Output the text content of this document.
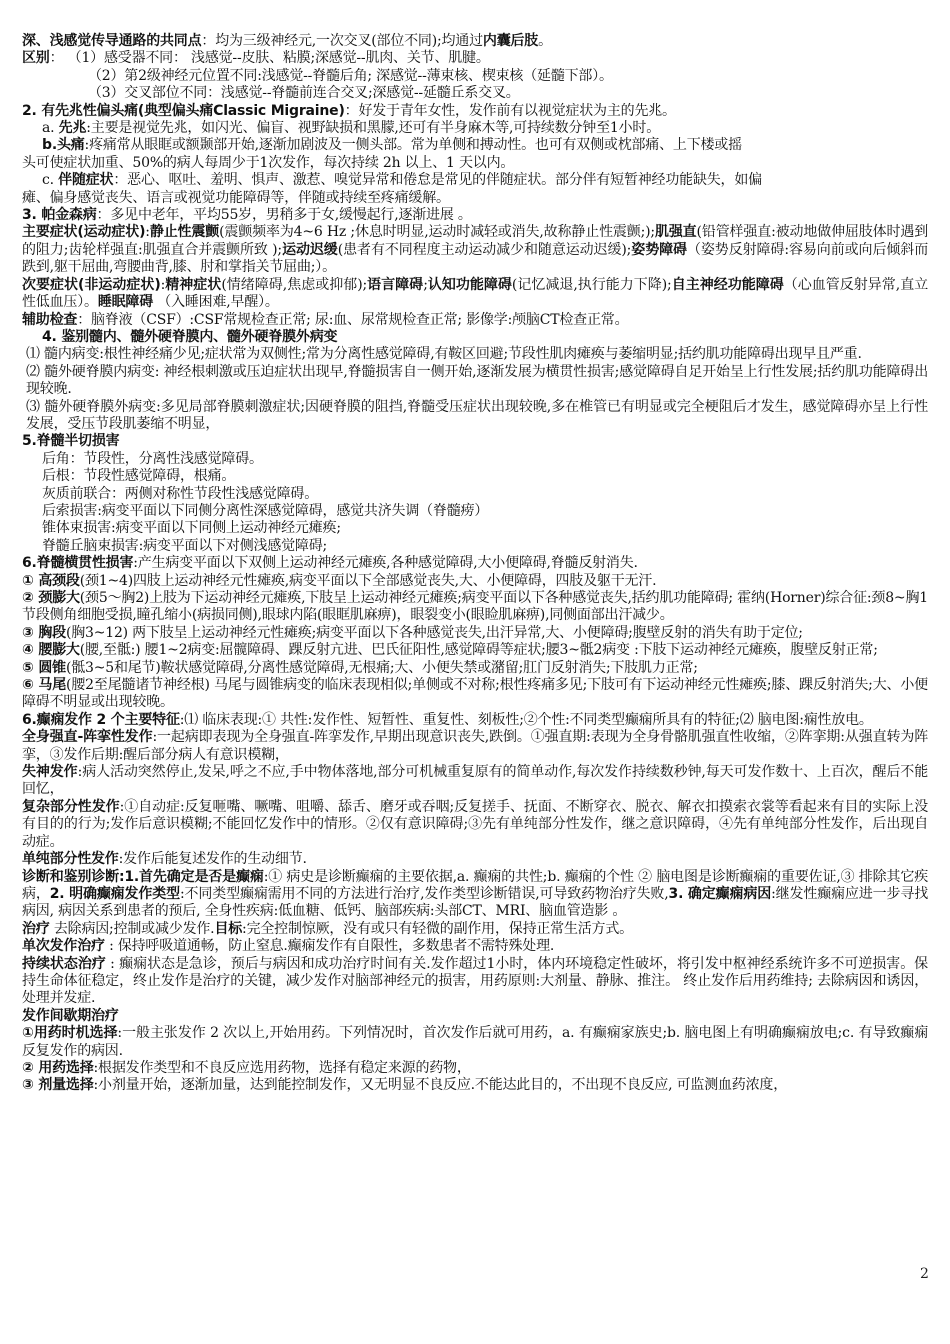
深、浅感觉传导通路的共同点：均为三级神经元,一次交叉(部位不同);均通过内囊后肢。

区别： （1）感受器不同： 浅感觉--皮肤、粘膜;深感觉--肌肉、关节、肌腱。

（2）第2级神经元位置不同:浅感觉--脊髓后角; 深感觉--薄束核、楔束核（延髓下部）。

（3）交叉部位不同：浅感觉--脊髓前连合交叉;深感觉--延髓丘系交叉。

2. 有先兆性偏头痛(典型偏头痛Classic Migraine)：好发于青年女性，发作前有以视觉症状为主的先兆。

a. 先兆:主要是视觉先兆，如闪光、偏盲、视野缺损和黑朦,还可有半身麻木等,可持续数分钟至1小时。

b.头痛:疼痛常从眼眶或额颞部开始,逐渐加剧波及一侧头部。常为单侧和搏动性。也可有双侧或枕部痛、上下楼或摇

头可使症状加重、50%的病人每周少于1次发作，每次持续 2h 以上、1 天以内。

c. 伴随症状：恶心、呕吐、羞明、惧声、激惹、嗅觉异常和倦怠是常见的伴随症状。部分伴有短暂神经功能缺失，如偏

瘫、偏身感觉丧失、语言或视觉功能障碍等，伴随或持续至疼痛缓解。

3. 帕金森病：多见中老年，平均55岁，男稍多于女,缓慢起行,逐渐进展 。

主要症状(运动症状):静止性震颤(震颤频率为4~6 Hz ;休息时明显,运动时减轻或消失,故称静止性震颤;);肌强直(铅管样强直:被动地做伸屈肢体时遇到的阻力;齿轮样强直:肌强直合并震颤所致 );运动迟缓(患者有不同程度主动运动减少和随意运动迟缓);姿势障碍（姿势反射障碍:容易向前或向后倾斜而跌到,躯干屈曲,弯腰曲背,膝、肘和掌指关节屈曲;）。

次要症状(非运动症状):精神症状(情绪障碍,焦虑或抑郁);语言障碍;认知功能障碍(记忆减退,执行能力下降);自主神经功能障碍（心血管反射异常,直立性低血压）。睡眠障碍 （入睡困难,早醒）。

辅助检查：脑脊液（CSF）:CSF常规检查正常; 尿:血、尿常规检查正常; 影像学:颅脑CT检查正常。

4. 鉴别髓内、髓外硬脊膜内、髓外硬脊膜外病变

⑴ 髓内病变:根性神经痛少见;症状常为双侧性;常为分离性感觉障碍,有鞍区回避;节段性肌肉瘫痪与萎缩明显;括约肌功能障碍出现早且严重.

⑵ 髓外硬脊膜内病变: 神经根刺激或压迫症状出现早,脊髓损害自一侧开始,逐渐发展为横贯性损害;感觉障碍自足开始呈上行性发展;括约肌功能障碍出现较晚.

⑶ 髓外硬脊膜外病变:多见局部脊膜刺激症状;因硬脊膜的阻挡,脊髓受压症状出现较晚,多在椎管已有明显或完全梗阻后才发生，感觉障碍亦呈上行性发展，受压节段肌萎缩不明显，

5.脊髓半切损害

后角：节段性，分离性浅感觉障碍。

后根：节段性感觉障碍，根痛。

灰质前联合：两侧对称性节段性浅感觉障碍。

后索损害:病变平面以下同侧分离性深感觉障碍，感觉共济失调（脊髓痨）

锥体束损害:病变平面以下同侧上运动神经元瘫痪;

脊髓丘脑束损害:病变平面以下对侧浅感觉障碍;

6.脊髓横贯性损害:产生病变平面以下双侧上运动神经元瘫痪,各种感觉障碍,大小便障碍,脊髓反射消失.

① 高颈段(颈1~4)四肢上运动神经元性瘫痪,病变平面以下全部感觉丧失,大、小便障碍，四肢及躯干无汗.

② 颈膨大(颈5～胸2)上肢为下运动神经元瘫痪,下肢呈上运动神经元瘫痪;病变平面以下各种感觉丧失,括约肌功能障碍; 霍纳(Horner)综合征:颈8~胸1节段侧角细胞受损,瞳孔缩小(病损同侧),眼球内陷(眼眶肌麻痹)，眼裂变小(眼睑肌麻痹),同侧面部出汗减少。

③ 胸段(胸3~12) 两下肢呈上运动神经元性瘫痪;病变平面以下各种感觉丧失,出汗异常,大、小便障碍;腹壁反射的消失有助于定位;

④ 腰膨大(腰,至骶:) 腰1~2病变:屈髋障碍、踝反射亢进、巴氏征阳性,感觉障碍等症状;腰3~骶2病变 :下肢下运动神经元瘫痪，腹壁反射正常;

⑤ 圆锥(骶3~5和尾节)鞍状感觉障碍,分离性感觉障碍,无根痛;大、小便失禁或潴留;肛门反射消失;下肢肌力正常;

⑥ 马尾(腰2至尾髓诸节神经根) 马尾与圆锥病变的临床表现相似;单侧或不对称;根性疼痛多见;下肢可有下运动神经元性瘫痪;膝、踝反射消失;大、小便障碍不明显或出现较晚。

6.癫痫发作 2 个主要特征:⑴ 临床表现:① 共性:发作性、短暂性、重复性、刻板性;②个性:不同类型癫痫所具有的特征;⑵ 脑电图:痫性放电。

全身强直-阵挛性发作:一起病即表现为全身强直-阵挛发作,早期出现意识丧失,跌倒。①强直期:表现为全身骨骼肌强直性收缩，②阵挛期:从强直转为阵挛，③发作后期:醒后部分病人有意识模糊，

失神发作:病人活动突然停止,发呆,呼之不应,手中物体落地,部分可机械重复原有的简单动作,每次发作持续数秒钟,每天可发作数十、上百次，醒后不能回忆，

复杂部分性发作:①自动症:反复咂嘴、噘嘴、咀嚼、舔舌、磨牙或吞咽;反复搓手、抚面、不断穿衣、脱衣、解衣扣摸索衣裳等看起来有目的实际上没有目的的行为;发作后意识模糊;不能回忆发作中的情形。②仅有意识障碍;③先有单纯部分性发作，继之意识障碍，④先有单纯部分性发作，后出现自动症。

单纯部分性发作:发作后能复述发作的生动细节.

诊断和鉴别诊断:1.首先确定是否是癫痫:① 病史是诊断癫痫的主要依据,a. 癫痫的共性;b. 癫痫的个性 ② 脑电图是诊断癫痫的重要佐证,③ 排除其它疾病，2. 明确癫痫发作类型:不同类型癫痫需用不同的方法进行治疗,发作类型诊断错误,可导致药物治疗失败,3. 确定癫痫病因:继发性癫痫应进一步寻找病因, 病因关系到患者的预后, 全身性疾病:低血糖、低钙、脑部疾病:头部CT、MRI、脑血管造影 。

治疗 去除病因;控制或减少发作.目标:完全控制惊厥，没有或只有轻微的副作用，保持正常生活方式。

单次发作治疗 : 保持呼吸道通畅，防止窒息.癫痫发作有自限性，多数患者不需特殊处理.

持续状态治疗 : 癫痫状态是急诊，预后与病因和成功治疗时间有关.发作超过1小时，体内环境稳定性破坏，将引发中枢神经系统许多不可逆损害。保持生命体征稳定，终止发作是治疗的关键，减少发作对脑部神经元的损害，用药原则:大剂量、静脉、推注。 终止发作后用药维持; 去除病因和诱因，处理并发症.

发作间歇期治疗

①用药时机选择:一般主张发作 2 次以上,开始用药。下列情况时，首次发作后就可用药，a. 有癫痫家族史;b. 脑电图上有明确癫痫放电;c. 有导致癫痫反复发作的病因.

② 用药选择:根据发作类型和不良反应选用药物，选择有稳定来源的药物，

③ 剂量选择:小剂量开始，逐渐加量，达到能控制发作，又无明显不良反应.不能达此目的，不出现不良反应, 可监测血药浓度，

2
